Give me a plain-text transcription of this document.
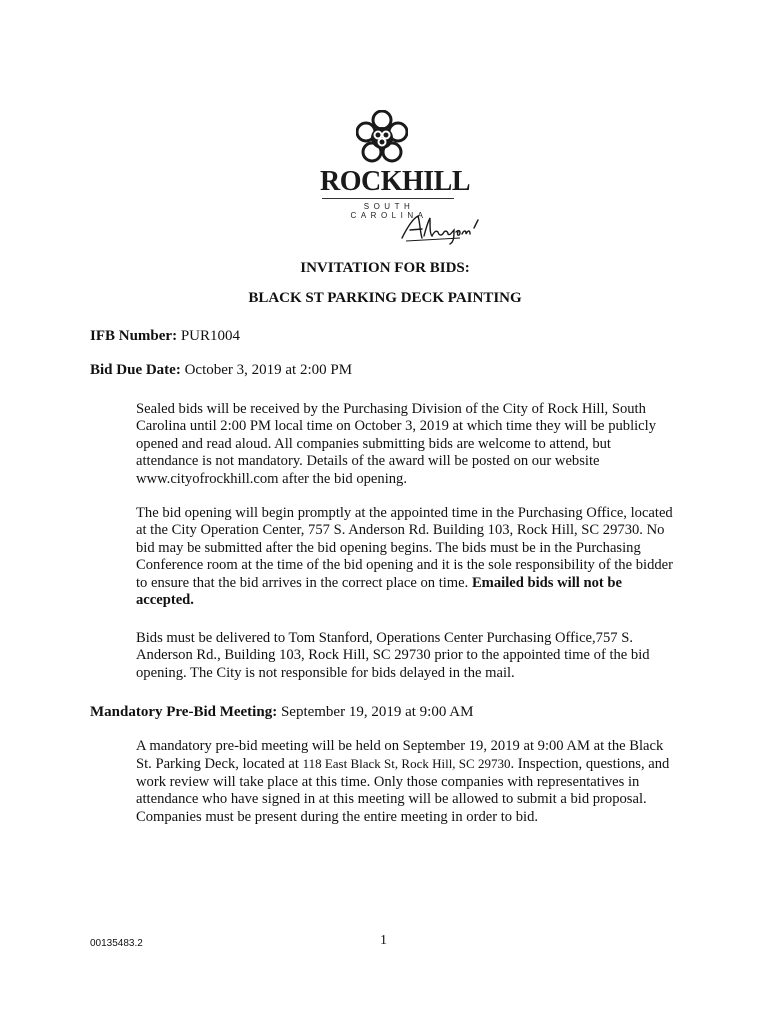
ROCKHILL
SOUTH CAROLINA
INVITATION FOR BIDS:
BLACK ST PARKING DECK PAINTING
IFB Number: PUR1004
Bid Due Date: October 3, 2019 at 2:00 PM
Sealed bids will be received by the Purchasing Division of the City of Rock Hill, South Carolina until 2:00 PM local time on October 3, 2019 at which time they will be publicly opened and read aloud. All companies submitting bids are welcome to attend, but attendance is not mandatory. Details of the award will be posted on our website www.cityofrockhill.com after the bid opening.
The bid opening will begin promptly at the appointed time in the Purchasing Office, located at the City Operation Center, 757 S. Anderson Rd. Building 103, Rock Hill, SC 29730. No bid may be submitted after the bid opening begins. The bids must be in the Purchasing Conference room at the time of the bid opening and it is the sole responsibility of the bidder to ensure that the bid arrives in the correct place on time. Emailed bids will not be accepted.
Bids must be delivered to Tom Stanford, Operations Center Purchasing Office,757 S. Anderson Rd., Building 103, Rock Hill, SC 29730 prior to the appointed time of the bid opening. The City is not responsible for bids delayed in the mail.
Mandatory Pre-Bid Meeting: September 19, 2019 at 9:00 AM
A mandatory pre-bid meeting will be held on September 19, 2019 at 9:00 AM at the Black St. Parking Deck, located at 118 East Black St, Rock Hill, SC 29730. Inspection, questions, and work review will take place at this time. Only those companies with representatives in attendance who have signed in at this meeting will be allowed to submit a bid proposal. Companies must be present during the entire meeting in order to bid.
00135483.2	1
